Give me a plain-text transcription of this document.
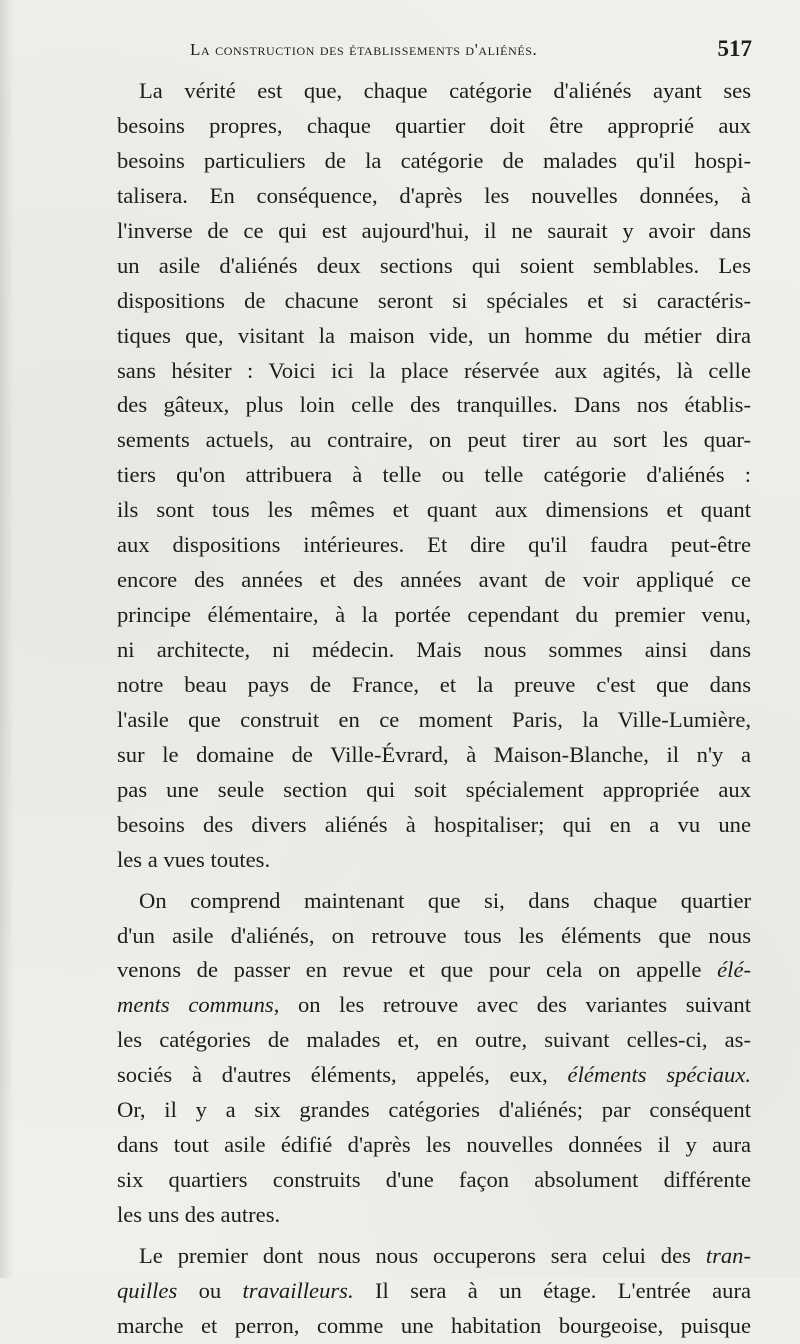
La construction des établissements d'aliénés.	517
La vérité est que, chaque catégorie d'aliénés ayant ses
besoins propres, chaque quartier doit être approprié aux
besoins particuliers de la catégorie de malades qu'il hospi-
talisera. En conséquence, d'après les nouvelles données, à
l'inverse de ce qui est aujourd'hui, il ne saurait y avoir dans
un asile d'aliénés deux sections qui soient semblables. Les
dispositions de chacune seront si spéciales et si caractéris-
tiques que, visitant la maison vide, un homme du métier dira
sans hésiter : Voici ici la place réservée aux agités, là celle
des gâteux, plus loin celle des tranquilles. Dans nos établis-
sements actuels, au contraire, on peut tirer au sort les quar-
tiers qu'on attribuera à telle ou telle catégorie d'aliénés :
ils sont tous les mêmes et quant aux dimensions et quant
aux dispositions intérieures. Et dire qu'il faudra peut-être
encore des années et des années avant de voir appliqué ce
principe élémentaire, à la portée cependant du premier venu,
ni architecte, ni médecin. Mais nous sommes ainsi dans
notre beau pays de France, et la preuve c'est que dans
l'asile que construit en ce moment Paris, la Ville-Lumière,
sur le domaine de Ville-Évrard, à Maison-Blanche, il n'y a
pas une seule section qui soit spécialement appropriée aux
besoins des divers aliénés à hospitaliser; qui en a vu une
les a vues toutes.
On comprend maintenant que si, dans chaque quartier
d'un asile d'aliénés, on retrouve tous les éléments que nous
venons de passer en revue et que pour cela on appelle élé-
ments communs, on les retrouve avec des variantes suivant
les catégories de malades et, en outre, suivant celles-ci, as-
sociés à d'autres éléments, appelés, eux, éléments spéciaux.
Or, il y a six grandes catégories d'aliénés; par conséquent
dans tout asile édifié d'après les nouvelles données il y aura
six quartiers construits d'une façon absolument différente
les uns des autres.
Le premier dont nous nous occuperons sera celui des tran-
quilles ou travailleurs. Il sera à un étage. L'entrée aura
marche et perron, comme une habitation bourgeoise, puisque
